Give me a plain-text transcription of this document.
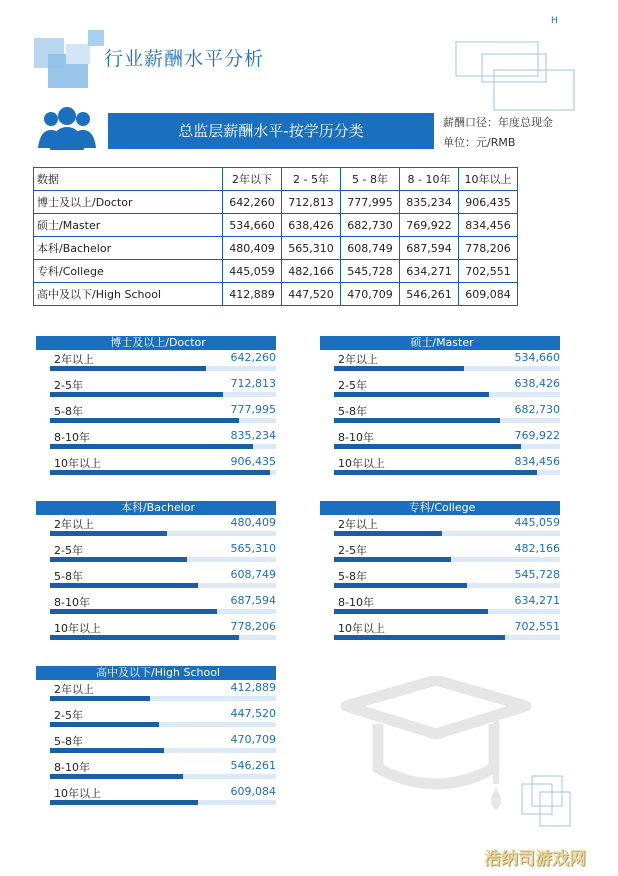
H
行业薪酬水平分析
总监层薪酬水平-按学历分类	薪酬口径：年度总现金
单位：元/RMB
数据	2年以下	2 - 5年	5 - 8年	8 - 10年	10年以上
博士及以上/Doctor	642,260	712,813	777,995	835,234	906,435
硕士/Master	534,660	638,426	682,730	769,922	834,456
本科/Bachelor	480,409	565,310	608,749	687,594	778,206
专科/College	445,059	482,166	545,728	634,271	702,551
高中及以下/High School	412,889	447,520	470,709	546,261	609,084
博士及以上/Doctor
2年以上	642,260
2-5年	712,813
5-8年	777,995
8-10年	835,234
10年以上	906,435
硕士/Master
2年以上	534,660
2-5年	638,426
5-8年	682,730
8-10年	769,922
10年以上	834,456
本科/Bachelor
2年以上	480,409
2-5年	565,310
5-8年	608,749
8-10年	687,594
10年以上	778,206
专科/College
2年以上	445,059
2-5年	482,166
5-8年	545,728
8-10年	634,271
10年以上	702,551
高中及以下/High School
2年以上	412,889
2-5年	447,520
5-8年	470,709
8-10年	546,261
10年以上	609,084
浩纳司游戏网
